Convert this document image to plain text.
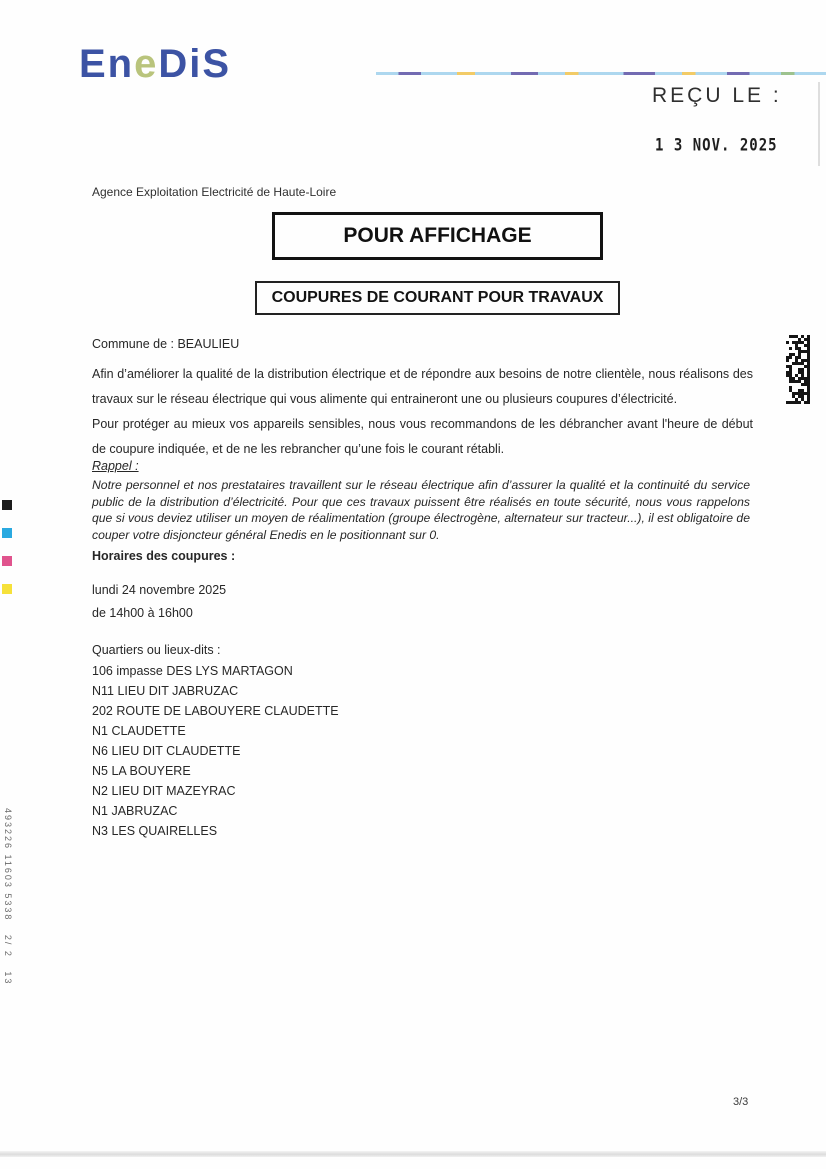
EneDiS
REÇU LE :
1 3 NOV. 2025
Agence Exploitation Electricité de Haute-Loire
POUR AFFICHAGE
COUPURES DE COURANT POUR TRAVAUX
Commune de : BEAULIEU
Afin d’améliorer la qualité de la distribution électrique et de répondre aux besoins de notre clientèle, nous réalisons des travaux sur le réseau électrique qui vous alimente qui entraineront une ou plusieurs coupures d’électricité.
Pour protéger au mieux vos appareils sensibles, nous vous recommandons de les débrancher avant l'heure de début de coupure indiquée, et de ne les rebrancher qu’une fois le courant rétabli.
Rappel :
Notre personnel et nos prestataires travaillent sur le réseau électrique afin d’assurer la qualité et la continuité du service public de la distribution d’électricité. Pour que ces travaux puissent être réalisés en toute sécurité, nous vous rappelons que si vous deviez utiliser un moyen de réalimentation (groupe électrogène, alternateur sur tracteur...), il est obligatoire de couper votre disjoncteur général Enedis en le positionnant sur 0.
Horaires des coupures :
lundi 24 novembre 2025
de 14h00 à 16h00
Quartiers ou lieux-dits :
106 impasse DES LYS MARTAGON
N11 LIEU DIT JABRUZAC
202 ROUTE DE LABOUYERE CLAUDETTE
N1 CLAUDETTE
N6 LIEU DIT CLAUDETTE
N5 LA BOUYERE
N2 LIEU DIT MAZEYRAC
N1 JABRUZAC
N3 LES QUAIRELLES
493226 11603 5338   2/ 2   13
3/3
